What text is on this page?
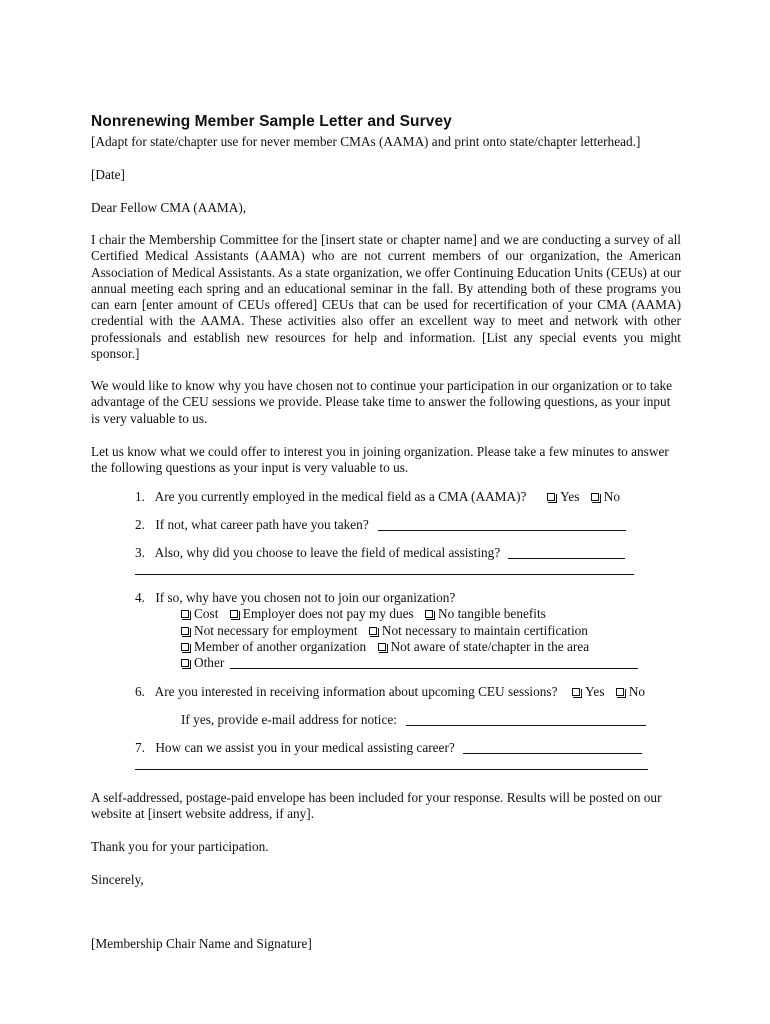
Nonrenewing Member Sample Letter and Survey
[Adapt for state/chapter use for never member CMAs (AAMA) and print onto state/chapter letterhead.]
[Date]
Dear Fellow CMA (AAMA),

I chair the Membership Committee for the [insert state or chapter name] and we are conducting a survey of all Certified Medical Assistants (AAMA) who are not current members of our organization, the American Association of Medical Assistants. As a state organization, we offer Continuing Education Units (CEUs) at our annual meeting each spring and an educational seminar in the fall. By attending both of these programs you can earn [enter amount of CEUs offered] CEUs that can be used for recertification of your CMA (AAMA) credential with the AAMA. These activities also offer an excellent way to meet and network with other professionals and establish new resources for help and information. [List any special events you might sponsor.]

We would like to know why you have chosen not to continue your participation in our organization or to take advantage of the CEU sessions we provide. Please take time to answer the following questions, as your input is very valuable to us.

Let us know what we could offer to interest you in joining organization. Please take a few minutes to answer the following questions as your input is very valuable to us.

1. Are you currently employed in the medical field as a CMA (AAMA)?	Yes No
2. If not, what career path have you taken?
3. Also, why did you choose to leave the field of medical assisting?
4. If so, why have you chosen not to join our organization?
Cost Employer does not pay my dues No tangible benefits
Not necessary for employment Not necessary to maintain certification
Member of another organization Not aware of state/chapter in the area
Other
6. Are you interested in receiving information about upcoming CEU sessions? Yes No
If yes, provide e-mail address for notice:
7. How can we assist you in your medical assisting career?

A self-addressed, postage-paid envelope has been included for your response. Results will be posted on our website at [insert website address, if any].

Thank you for your participation.
Sincerely,
[Membership Chair Name and Signature]
